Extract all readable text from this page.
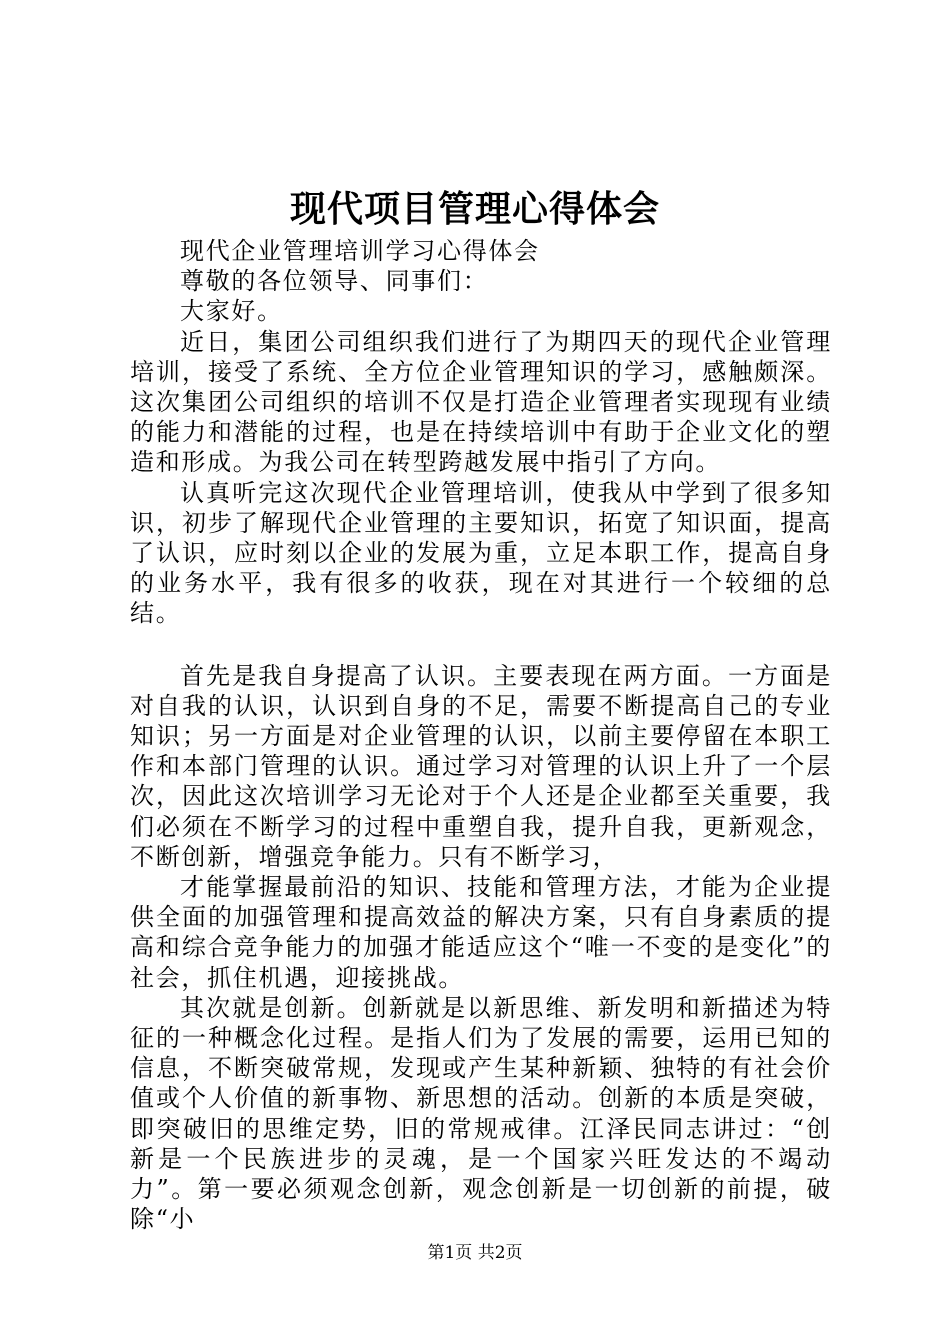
现代项目管理心得体会

现代企业管理培训学习心得体会

尊敬的各位领导、同事们：

大家好。

近日，集团公司组织我们进行了为期四天的现代企业管理培训，接受了系统、全方位企业管理知识的学习，感触颇深。这次集团公司组织的培训不仅是打造企业管理者实现现有业绩的能力和潜能的过程，也是在持续培训中有助于企业文化的塑造和形成。为我公司在转型跨越发展中指引了方向。

认真听完这次现代企业管理培训，使我从中学到了很多知识，初步了解现代企业管理的主要知识，拓宽了知识面，提高了认识，应时刻以企业的发展为重，立足本职工作，提高自身的业务水平，我有很多的收获，现在对其进行一个较细的总结。

首先是我自身提高了认识。主要表现在两方面。一方面是对自我的认识，认识到自身的不足，需要不断提高自己的专业知识；另一方面是对企业管理的认识，以前主要停留在本职工作和本部门管理的认识。通过学习对管理的认识上升了一个层次，因此这次培训学习无论对于个人还是企业都至关重要，我们必须在不断学习的过程中重塑自我，提升自我，更新观念，不断创新，增强竞争能力。只有不断学习，

才能掌握最前沿的知识、技能和管理方法，才能为企业提供全面的加强管理和提高效益的解决方案，只有自身素质的提高和综合竞争能力的加强才能适应这个“唯一不变的是变化”的社会，抓住机遇，迎接挑战。

其次就是创新。创新就是以新思维、新发明和新描述为特征的一种概念化过程。是指人们为了发展的需要，运用已知的信息，不断突破常规，发现或产生某种新颖、独特的有社会价值或个人价值的新事物、新思想的活动。创新的本质是突破，即突破旧的思维定势，旧的常规戒律。江泽民同志讲过：“创新是一个民族进步的灵魂，是一个国家兴旺发达的不竭动力”。第一要必须观念创新，观念创新是一切创新的前提，破除“小

第1页 共2页
